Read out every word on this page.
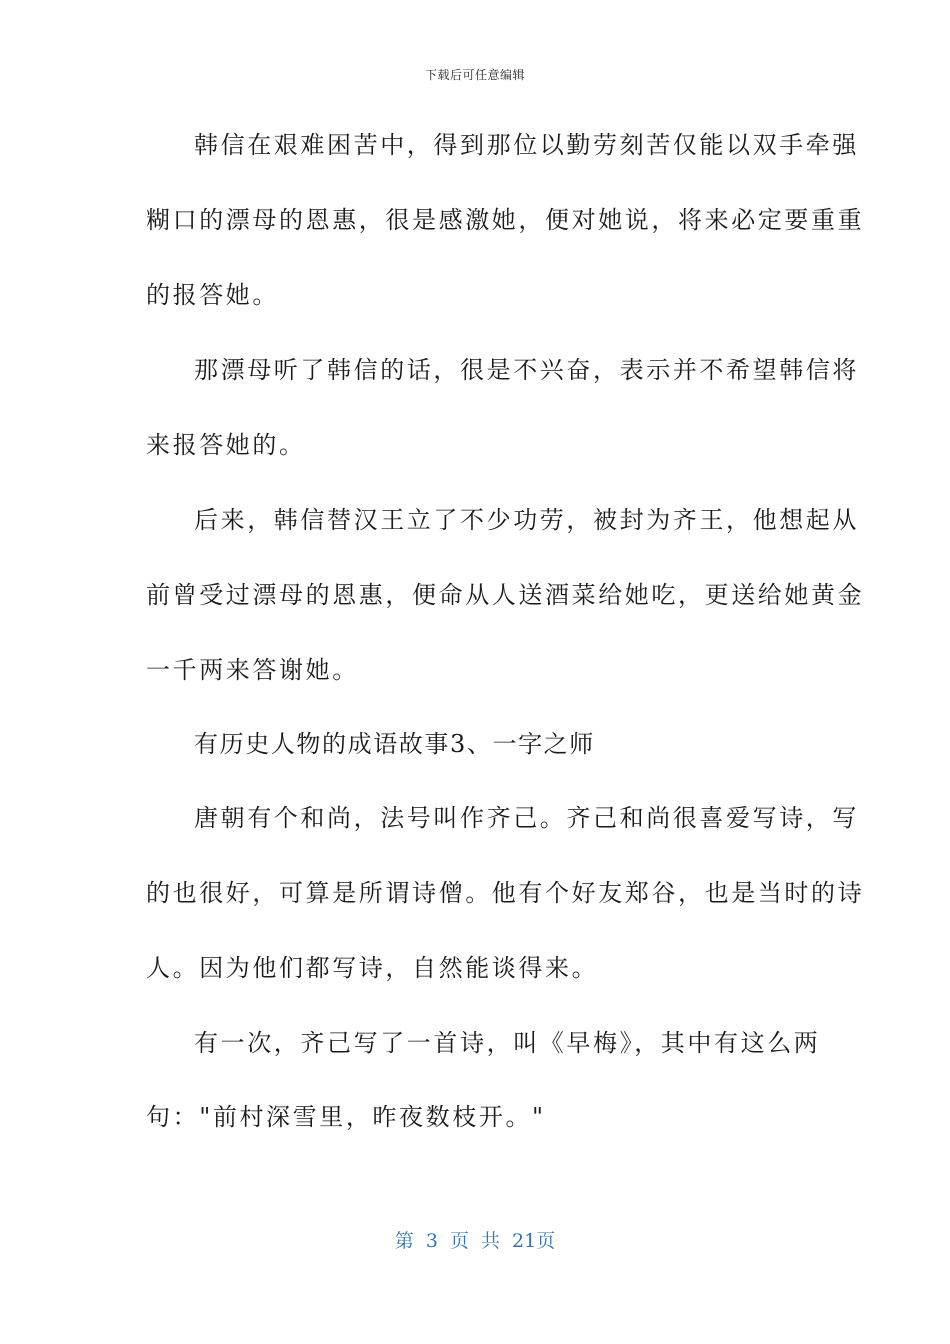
下载后可任意编辑
韩信在艰难困苦中，得到那位以勤劳刻苦仅能以双手牵强
糊口的漂母的恩惠，很是感激她，便对她说，将来必定要重重
的报答她。
那漂母听了韩信的话，很是不兴奋，表示并不希望韩信将
来报答她的。
后来，韩信替汉王立了不少功劳，被封为齐王，他想起从
前曾受过漂母的恩惠，便命从人送酒菜给她吃，更送给她黄金
一千两来答谢她。
有历史人物的成语故事3、一字之师
唐朝有个和尚，法号叫作齐己。齐己和尚很喜爱写诗，写
的也很好，可算是所谓诗僧。他有个好友郑谷，也是当时的诗
人。因为他们都写诗，自然能谈得来。
有一次，齐己写了一首诗，叫《早梅》，其中有这么两
句："前村深雪里，昨夜数枝开。"
第 3 页 共 21页
